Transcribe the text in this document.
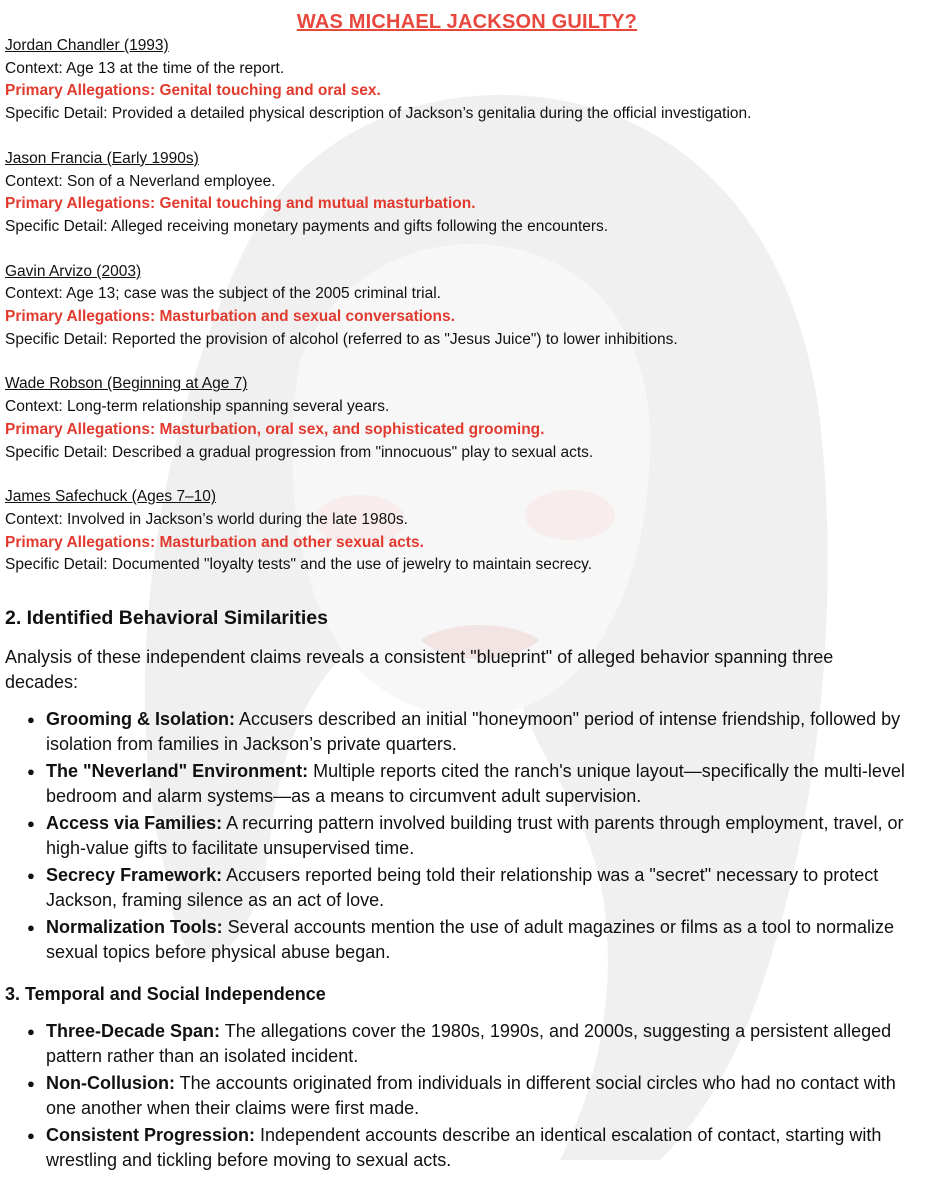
WAS MICHAEL JACKSON GUILTY?
Jordan Chandler (1993)
Context: Age 13 at the time of the report.
Primary Allegations: Genital touching and oral sex.
Specific Detail: Provided a detailed physical description of Jackson’s genitalia during the official investigation.
Jason Francia (Early 1990s)
Context: Son of a Neverland employee.
Primary Allegations: Genital touching and mutual masturbation.
Specific Detail: Alleged receiving monetary payments and gifts following the encounters.
Gavin Arvizo (2003)
Context: Age 13; case was the subject of the 2005 criminal trial.
Primary Allegations: Masturbation and sexual conversations.
Specific Detail: Reported the provision of alcohol (referred to as "Jesus Juice") to lower inhibitions.
Wade Robson (Beginning at Age 7)
Context: Long-term relationship spanning several years.
Primary Allegations: Masturbation, oral sex, and sophisticated grooming.
Specific Detail: Described a gradual progression from "innocuous" play to sexual acts.
James Safechuck (Ages 7–10)
Context: Involved in Jackson’s world during the late 1980s.
Primary Allegations: Masturbation and other sexual acts.
Specific Detail: Documented "loyalty tests" and the use of jewelry to maintain secrecy.
2. Identified Behavioral Similarities

Analysis of these independent claims reveals a consistent "blueprint" of alleged behavior spanning three decades:

● Grooming & Isolation: Accusers described an initial "honeymoon" period of intense friendship, followed by isolation from families in Jackson’s private quarters.
● The "Neverland" Environment: Multiple reports cited the ranch's unique layout—specifically the multi-level bedroom and alarm systems—as a means to circumvent adult supervision.
● Access via Families: A recurring pattern involved building trust with parents through employment, travel, or high-value gifts to facilitate unsupervised time.
● Secrecy Framework: Accusers reported being told their relationship was a "secret" necessary to protect Jackson, framing silence as an act of love.
● Normalization Tools: Several accounts mention the use of adult magazines or films as a tool to normalize sexual topics before physical abuse began.
3. Temporal and Social Independence
● Three-Decade Span: The allegations cover the 1980s, 1990s, and 2000s, suggesting a persistent alleged pattern rather than an isolated incident.
● Non-Collusion: The accounts originated from individuals in different social circles who had no contact with one another when their claims were first made.
● Consistent Progression: Independent accounts describe an identical escalation of contact, starting with wrestling and tickling before moving to sexual acts.
